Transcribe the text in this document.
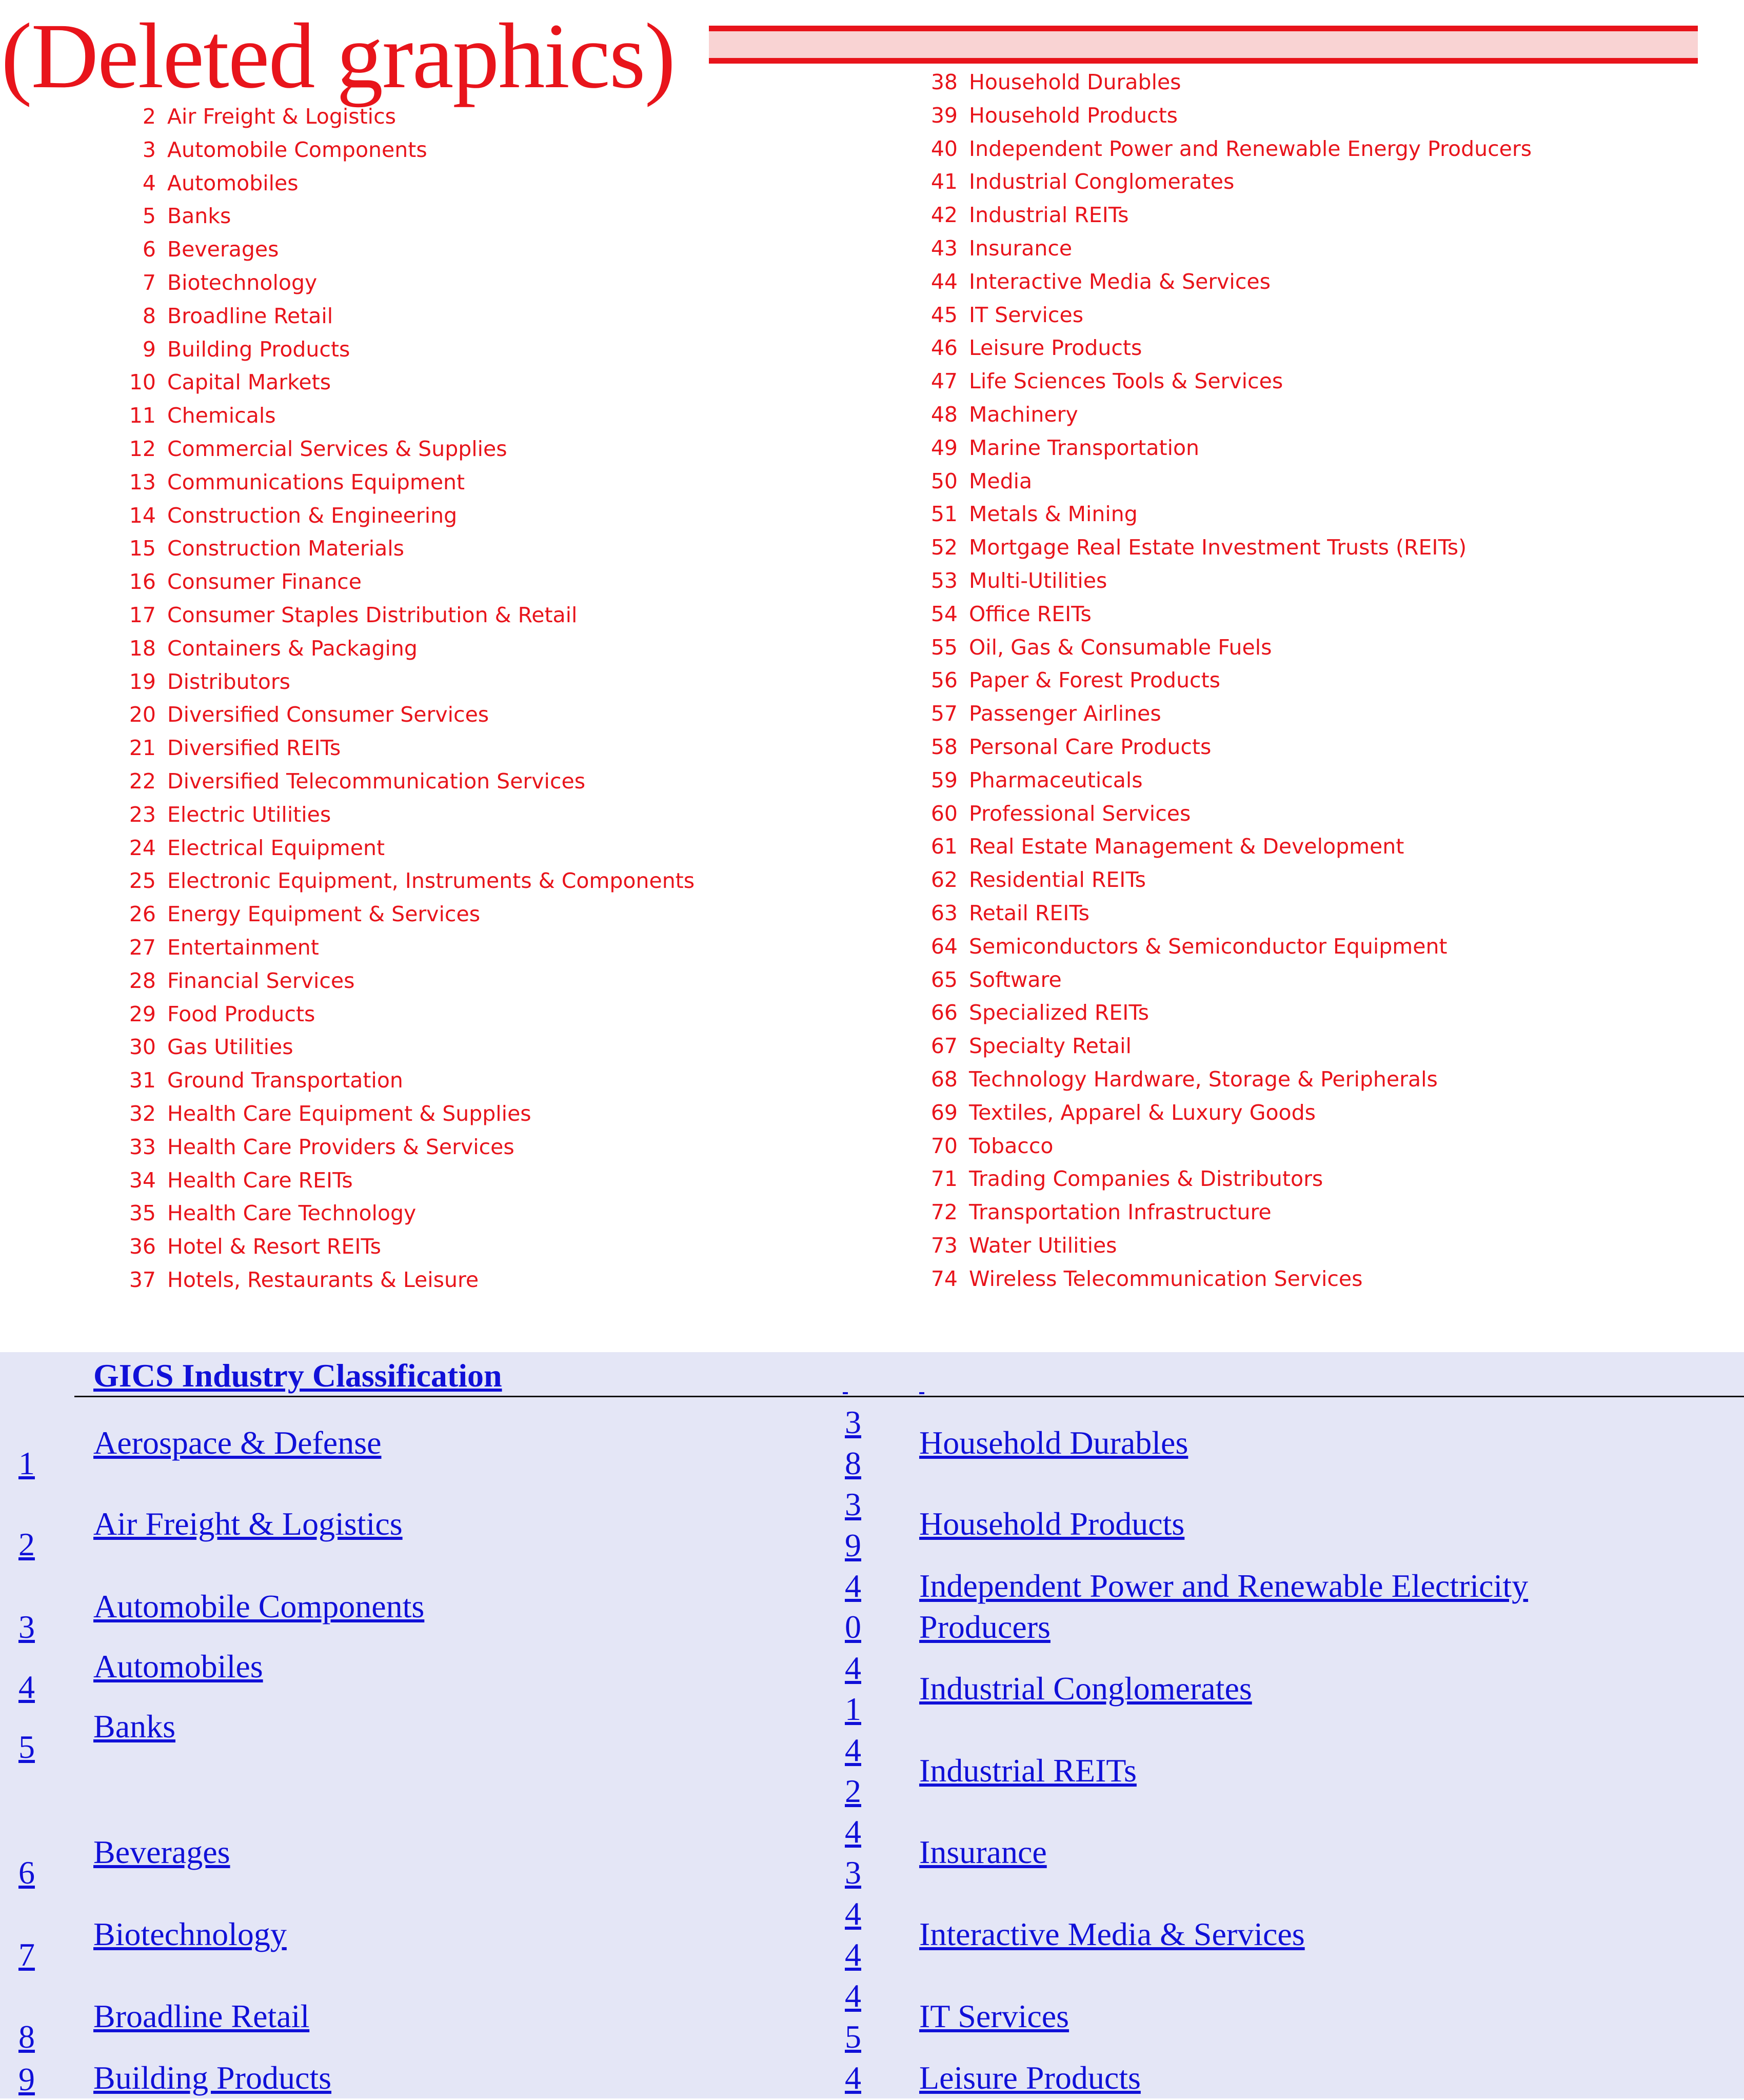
(Deleted graphics)
2 Air Freight & Logistics
3 Automobile Components
4 Automobiles
5 Banks
6 Beverages
7 Biotechnology
8 Broadline Retail
9 Building Products
10 Capital Markets
11 Chemicals
12 Commercial Services & Supplies
13 Communications Equipment
14 Construction & Engineering
15 Construction Materials
16 Consumer Finance
17 Consumer Staples Distribution & Retail
18 Containers & Packaging
19 Distributors
20 Diversified Consumer Services
21 Diversified REITs
22 Diversified Telecommunication Services
23 Electric Utilities
24 Electrical Equipment
25 Electronic Equipment, Instruments & Components
26 Energy Equipment & Services
27 Entertainment
28 Financial Services
29 Food Products
30 Gas Utilities
31 Ground Transportation
32 Health Care Equipment & Supplies
33 Health Care Providers & Services
34 Health Care REITs
35 Health Care Technology
36 Hotel & Resort REITs
37 Hotels, Restaurants & Leisure
38 Household Durables
39 Household Products
40 Independent Power and Renewable Energy Producers
41 Industrial Conglomerates
42 Industrial REITs
43 Insurance
44 Interactive Media & Services
45 IT Services
46 Leisure Products
47 Life Sciences Tools & Services
48 Machinery
49 Marine Transportation
50 Media
51 Metals & Mining
52 Mortgage Real Estate Investment Trusts (REITs)
53 Multi-Utilities
54 Office REITs
55 Oil, Gas & Consumable Fuels
56 Paper & Forest Products
57 Passenger Airlines
58 Personal Care Products
59 Pharmaceuticals
60 Professional Services
61 Real Estate Management & Development
62 Residential REITs
63 Retail REITs
64 Semiconductors & Semiconductor Equipment
65 Software
66 Specialized REITs
67 Specialty Retail
68 Technology Hardware, Storage & Peripherals
69 Textiles, Apparel & Luxury Goods
70 Tobacco
71 Trading Companies & Distributors
72 Transportation Infrastructure
73 Water Utilities
74 Wireless Telecommunication Services
GICS Industry Classification

1
Aerospace & Defense
2
Air Freight & Logistics
3
Automobile Components
4
Automobiles
5
Banks
6
Beverages
7
Biotechnology
8
Broadline Retail
9 Building Products
3
8
Household Durables
3
9
Household Products
4
0
Independent Power and Renewable Electricity
Producers
4
1
Industrial Conglomerates
4
2
Industrial REITs
4
3
Insurance
4
4
Interactive Media & Services
4
5
IT Services
4 Leisure Products
